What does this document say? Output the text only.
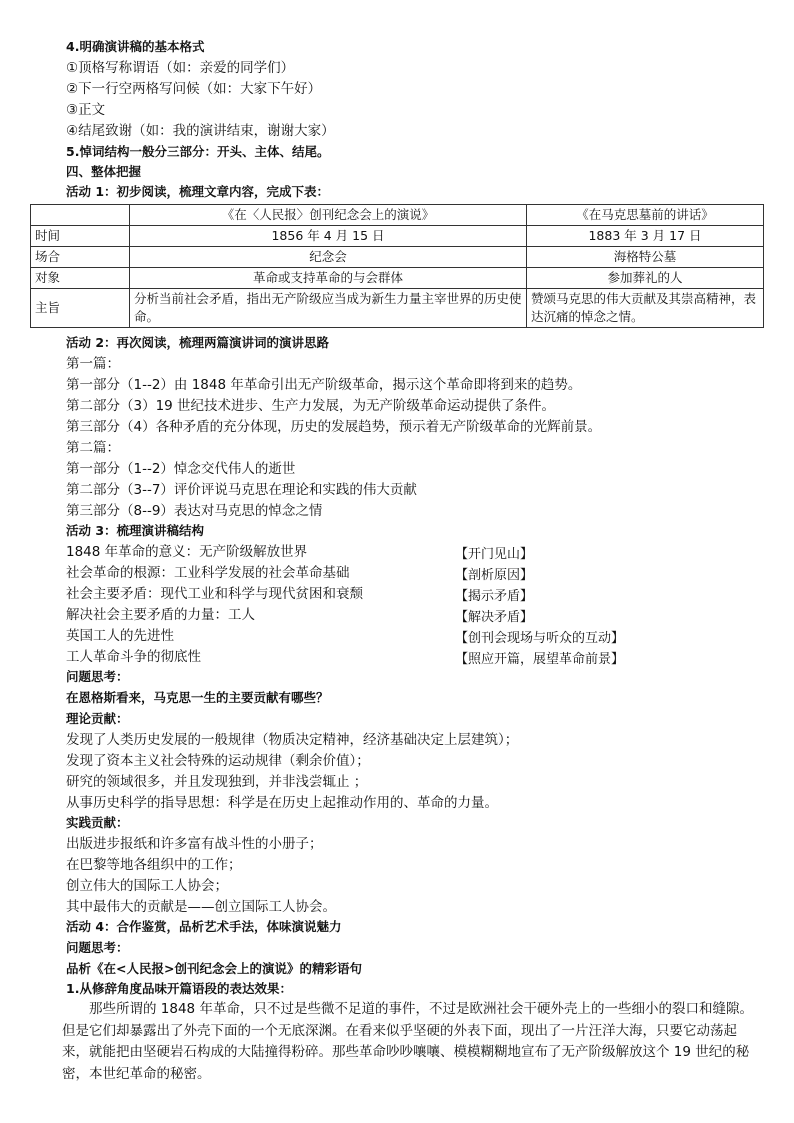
4.明确演讲稿的基本格式
①顶格写称谓语（如：亲爱的同学们）
②下一行空两格写问候（如：大家下午好）
③正文
④结尾致谢（如：我的演讲结束，谢谢大家）
5.悼词结构一般分三部分：开头、主体、结尾。
四、整体把握
活动 1：初步阅读，梳理文章内容，完成下表：
	《在〈人民报〉创刊纪念会上的演说》	《在马克思墓前的讲话》
时间	1856 年 4 月 15 日	1883 年 3 月 17 日
场合	纪念会	海格特公墓
对象	革命或支持革命的与会群体	参加葬礼的人
主旨	分析当前社会矛盾，指出无产阶级应当成为新生力量主宰世界的历史使命。	赞颂马克思的伟大贡献及其崇高精神，表达沉痛的悼念之情。
活动 2：再次阅读，梳理两篇演讲词的演讲思路
第一篇：
第一部分（1--2）由 1848 年革命引出无产阶级革命，揭示这个革命即将到来的趋势。
第二部分（3）19 世纪技术进步、生产力发展，为无产阶级革命运动提供了条件。
第三部分（4）各种矛盾的充分体现，历史的发展趋势，预示着无产阶级革命的光辉前景。
第二篇：
第一部分（1--2）悼念交代伟人的逝世
第二部分（3--7）评价评说马克思在理论和实践的伟大贡献
第三部分（8--9）表达对马克思的悼念之情
活动 3：梳理演讲稿结构
1848 年革命的意义：无产阶级解放世界	【开门见山】
社会革命的根源：工业科学发展的社会革命基础	【剖析原因】
社会主要矛盾：现代工业和科学与现代贫困和衰颓	【揭示矛盾】
解决社会主要矛盾的力量：工人	【解决矛盾】
英国工人的先进性	【创刊会现场与听众的互动】
工人革命斗争的彻底性	【照应开篇，展望革命前景】
问题思考：
在恩格斯看来，马克思一生的主要贡献有哪些？
理论贡献：
发现了人类历史发展的一般规律（物质决定精神，经济基础决定上层建筑）；
发现了资本主义社会特殊的运动规律（剩余价值）；
研究的领域很多，并且发现独到，并非浅尝辄止 ；
从事历史科学的指导思想：科学是在历史上起推动作用的、革命的力量。
实践贡献：
出版进步报纸和许多富有战斗性的小册子；
在巴黎等地各组织中的工作；
创立伟大的国际工人协会；
其中最伟大的贡献是——创立国际工人协会。
活动 4：合作鉴赏，品析艺术手法，体味演说魅力
问题思考：
品析《在<人民报>创刊纪念会上的演说》的精彩语句
1.从修辞角度品味开篇语段的表达效果：
那些所谓的 1848 年革命，只不过是些微不足道的事件，不过是欧洲社会干硬外壳上的一些细小的裂口和缝隙。但是它们却暴露出了外壳下面的一个无底深渊。在看来似乎坚硬的外表下面，现出了一片汪洋大海，只要它动荡起来，就能把由坚硬岩石构成的大陆撞得粉碎。那些革命吵吵嚷嚷、模模糊糊地宣布了无产阶级解放这个 19 世纪的秘密，本世纪革命的秘密。
